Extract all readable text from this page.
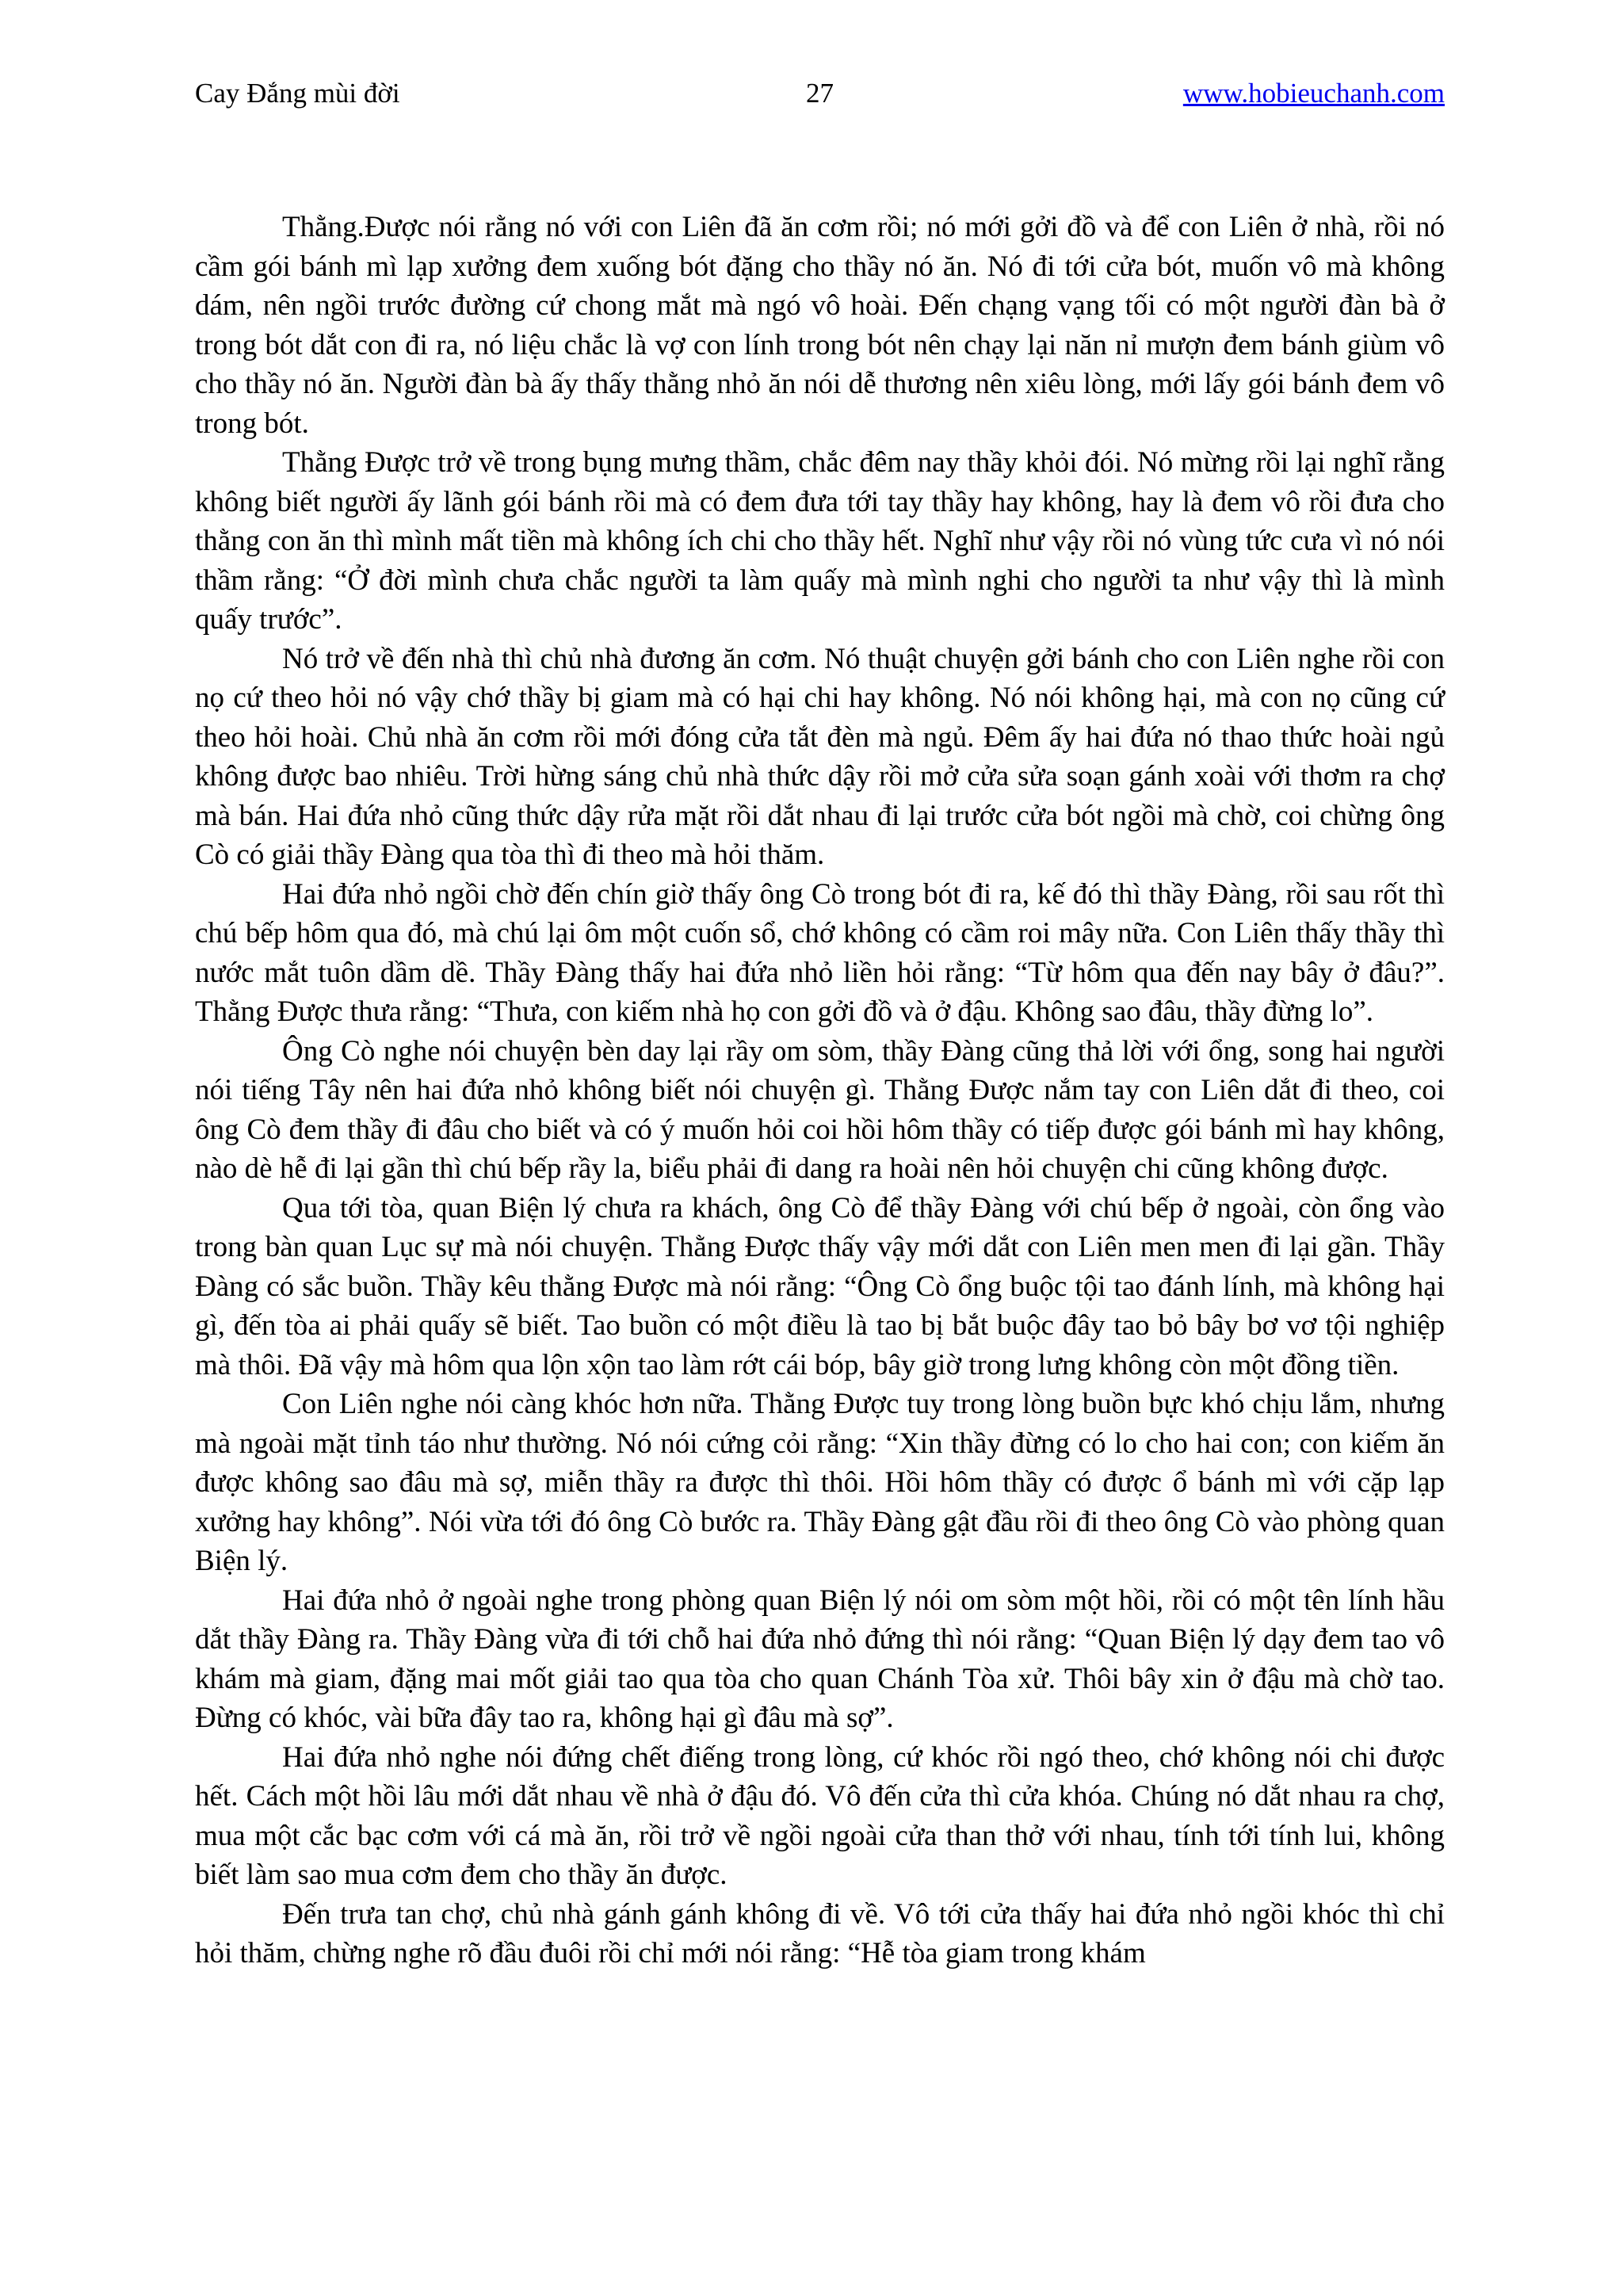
Cay Đắng mùi đời	27	www.hobieuchanh.com

Thằng.Được nói rằng nó với con Liên đã ăn cơm rồi; nó mới gởi đồ và để con Liên ở nhà, rồi nó cầm gói bánh mì lạp xưởng đem xuống bót đặng cho thầy nó ăn. Nó đi tới cửa bót, muốn vô mà không dám, nên ngồi trước đường cứ chong mắt mà ngó vô hoài. Đến chạng vạng tối có một người đàn bà ở trong bót dắt con đi ra, nó liệu chắc là vợ con lính trong bót nên chạy lại năn nỉ mượn đem bánh giùm vô cho thầy nó ăn. Người đàn bà ấy thấy thằng nhỏ ăn nói dễ thương nên xiêu lòng, mới lấy gói bánh đem vô trong bót.

Thằng Được trở về trong bụng mưng thầm, chắc đêm nay thầy khỏi đói. Nó mừng rồi lại nghĩ rằng không biết người ấy lãnh gói bánh rồi mà có đem đưa tới tay thầy hay không, hay là đem vô rồi đưa cho thằng con ăn thì mình mất tiền mà không ích chi cho thầy hết. Nghĩ như vậy rồi nó vùng tức cưa vì nó nói thầm rằng: “Ở đời mình chưa chắc người ta làm quấy mà mình nghi cho người ta như vậy thì là mình quấy trước”.

Nó trở về đến nhà thì chủ nhà đương ăn cơm. Nó thuật chuyện gởi bánh cho con Liên nghe rồi con nọ cứ theo hỏi nó vậy chớ thầy bị giam mà có hại chi hay không. Nó nói không hại, mà con nọ cũng cứ theo hỏi hoài. Chủ nhà ăn cơm rồi mới đóng cửa tắt đèn mà ngủ. Đêm ấy hai đứa nó thao thức hoài ngủ không được bao nhiêu. Trời hừng sáng chủ nhà thức dậy rồi mở cửa sửa soạn gánh xoài với thơm ra chợ mà bán. Hai đứa nhỏ cũng thức dậy rửa mặt rồi dắt nhau đi lại trước cửa bót ngồi mà chờ, coi chừng ông Cò có giải thầy Đàng qua tòa thì đi theo mà hỏi thăm.

Hai đứa nhỏ ngồi chờ đến chín giờ thấy ông Cò trong bót đi ra, kế đó thì thầy Đàng, rồi sau rốt thì chú bếp hôm qua đó, mà chú lại ôm một cuốn sổ, chớ không có cầm roi mây nữa. Con Liên thấy thầy thì nước mắt tuôn dầm dề. Thầy Đàng thấy hai đứa nhỏ liền hỏi rằng: “Từ hôm qua đến nay bây ở đâu?”. Thằng Được thưa rằng: “Thưa, con kiếm nhà họ con gởi đồ và ở đậu. Không sao đâu, thầy đừng lo”.

Ông Cò nghe nói chuyện bèn day lại rầy om sòm, thầy Đàng cũng thả lời với ổng, song hai người nói tiếng Tây nên hai đứa nhỏ không biết nói chuyện gì. Thằng Được nắm tay con Liên dắt đi theo, coi ông Cò đem thầy đi đâu cho biết và có ý muốn hỏi coi hồi hôm thầy có tiếp được gói bánh mì hay không, nào dè hễ đi lại gần thì chú bếp rầy la, biểu phải đi dang ra hoài nên hỏi chuyện chi cũng không được.

Qua tới tòa, quan Biện lý chưa ra khách, ông Cò để thầy Đàng với chú bếp ở ngoài, còn ổng vào trong bàn quan Lục sự mà nói chuyện. Thằng Được thấy vậy mới dắt con Liên men men đi lại gần. Thầy Đàng có sắc buồn. Thầy kêu thằng Được mà nói rằng: “Ông Cò ổng buộc tội tao đánh lính, mà không hại gì, đến tòa ai phải quấy sẽ biết. Tao buồn có một điều là tao bị bắt buộc đây tao bỏ bây bơ vơ tội nghiệp mà thôi. Đã vậy mà hôm qua lộn xộn tao làm rớt cái bóp, bây giờ trong lưng không còn một đồng tiền.

Con Liên nghe nói càng khóc hơn nữa. Thằng Được tuy trong lòng buồn bực khó chịu lắm, nhưng mà ngoài mặt tỉnh táo như thường. Nó nói cứng cỏi rằng: “Xin thầy đừng có lo cho hai con; con kiếm ăn được không sao đâu mà sợ, miễn thầy ra được thì thôi. Hồi hôm thầy có được ổ bánh mì với cặp lạp xưởng hay không”. Nói vừa tới đó ông Cò bước ra. Thầy Đàng gật đầu rồi đi theo ông Cò vào phòng quan Biện lý.

Hai đứa nhỏ ở ngoài nghe trong phòng quan Biện lý nói om sòm một hồi, rồi có một tên lính hầu dắt thầy Đàng ra. Thầy Đàng vừa đi tới chỗ hai đứa nhỏ đứng thì nói rằng: “Quan Biện lý dạy đem tao vô khám mà giam, đặng mai mốt giải tao qua tòa cho quan Chánh Tòa xử. Thôi bây xin ở đậu mà chờ tao. Đừng có khóc, vài bữa đây tao ra, không hại gì đâu mà sợ”.

Hai đứa nhỏ nghe nói đứng chết điếng trong lòng, cứ khóc rồi ngó theo, chớ không nói chi được hết. Cách một hồi lâu mới dắt nhau về nhà ở đậu đó. Vô đến cửa thì cửa khóa. Chúng nó dắt nhau ra chợ, mua một cắc bạc cơm với cá mà ăn, rồi trở về ngồi ngoài cửa than thở với nhau, tính tới tính lui, không biết làm sao mua cơm đem cho thầy ăn được.

Đến trưa tan chợ, chủ nhà gánh gánh không đi về. Vô tới cửa thấy hai đứa nhỏ ngồi khóc thì chỉ hỏi thăm, chừng nghe rõ đầu đuôi rồi chỉ mới nói rằng: “Hễ tòa giam trong khám
